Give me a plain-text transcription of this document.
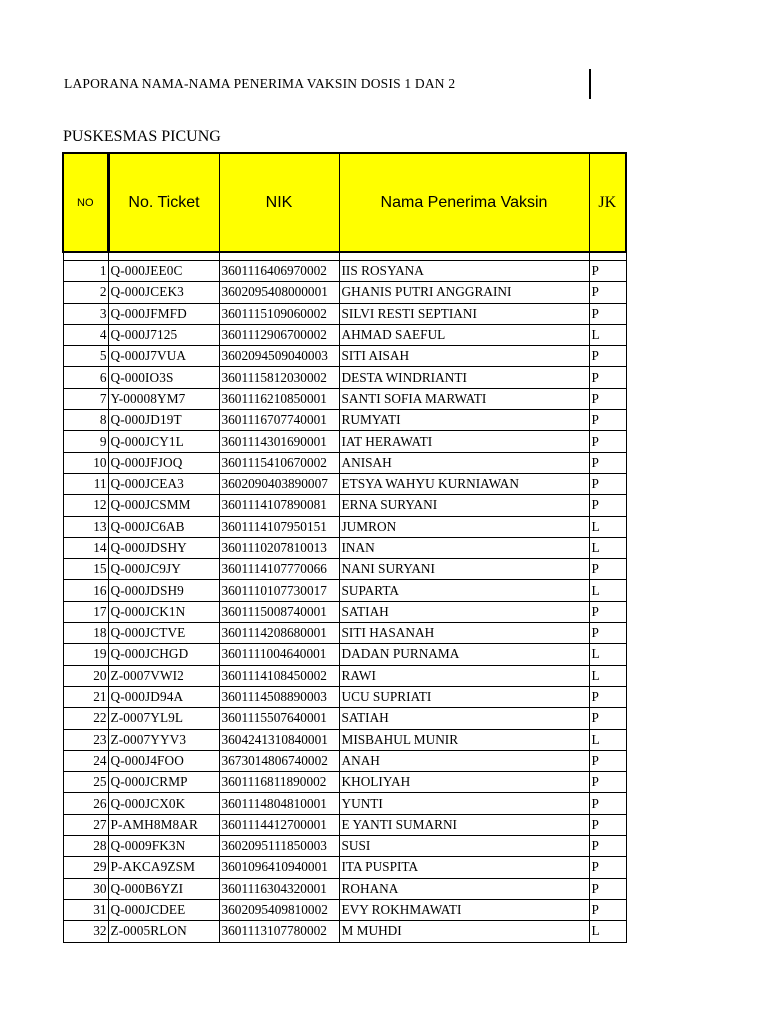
LAPORANA NAMA-NAMA PENERIMA VAKSIN DOSIS 1 DAN 2
PUSKESMAS PICUNG
NO	No. Ticket	NIK	Nama Penerima Vaksin	JK

1	Q-000JEE0C	3601116406970002	IIS ROSYANA	P
2	Q-000JCEK3	3602095408000001	GHANIS PUTRI ANGGRAINI	P
3	Q-000JFMFD	3601115109060002	SILVI RESTI SEPTIANI	P
4	Q-000J7125	3601112906700002	AHMAD SAEFUL	L
5	Q-000J7VUA	3602094509040003	SITI AISAH	P
6	Q-000IO3S	3601115812030002	DESTA WINDRIANTI	P
7	Y-00008YM7	3601116210850001	SANTI SOFIA MARWATI	P
8	Q-000JD19T	3601116707740001	RUMYATI	P
9	Q-000JCY1L	3601114301690001	IAT HERAWATI	P
10	Q-000JFJOQ	3601115410670002	ANISAH	P
11	Q-000JCEA3	3602090403890007	ETSYA WAHYU KURNIAWAN	P
12	Q-000JCSMM	3601114107890081	ERNA SURYANI	P
13	Q-000JC6AB	3601114107950151	JUMRON	L
14	Q-000JDSHY	3601110207810013	INAN	L
15	Q-000JC9JY	3601114107770066	NANI SURYANI	P
16	Q-000JDSH9	3601110107730017	SUPARTA	L
17	Q-000JCK1N	3601115008740001	SATIAH	P
18	Q-000JCTVE	3601114208680001	SITI HASANAH	P
19	Q-000JCHGD	3601111004640001	DADAN PURNAMA	L
20	Z-0007VWI2	3601114108450002	RAWI	L
21	Q-000JD94A	3601114508890003	UCU SUPRIATI	P
22	Z-0007YL9L	3601115507640001	SATIAH	P
23	Z-0007YYV3	3604241310840001	MISBAHUL MUNIR	L
24	Q-000J4FOO	3673014806740002	ANAH	P
25	Q-000JCRMP	3601116811890002	KHOLIYAH	P
26	Q-000JCX0K	3601114804810001	YUNTI	P
27	P-AMH8M8AR	3601114412700001	E YANTI SUMARNI	P
28	Q-0009FK3N	3602095111850003	SUSI	P
29	P-AKCA9ZSM	3601096410940001	ITA PUSPITA	P
30	Q-000B6YZI	3601116304320001	ROHANA	P
31	Q-000JCDEE	3602095409810002	EVY ROKHMAWATI	P
32	Z-0005RLON	3601113107780002	M MUHDI	L
